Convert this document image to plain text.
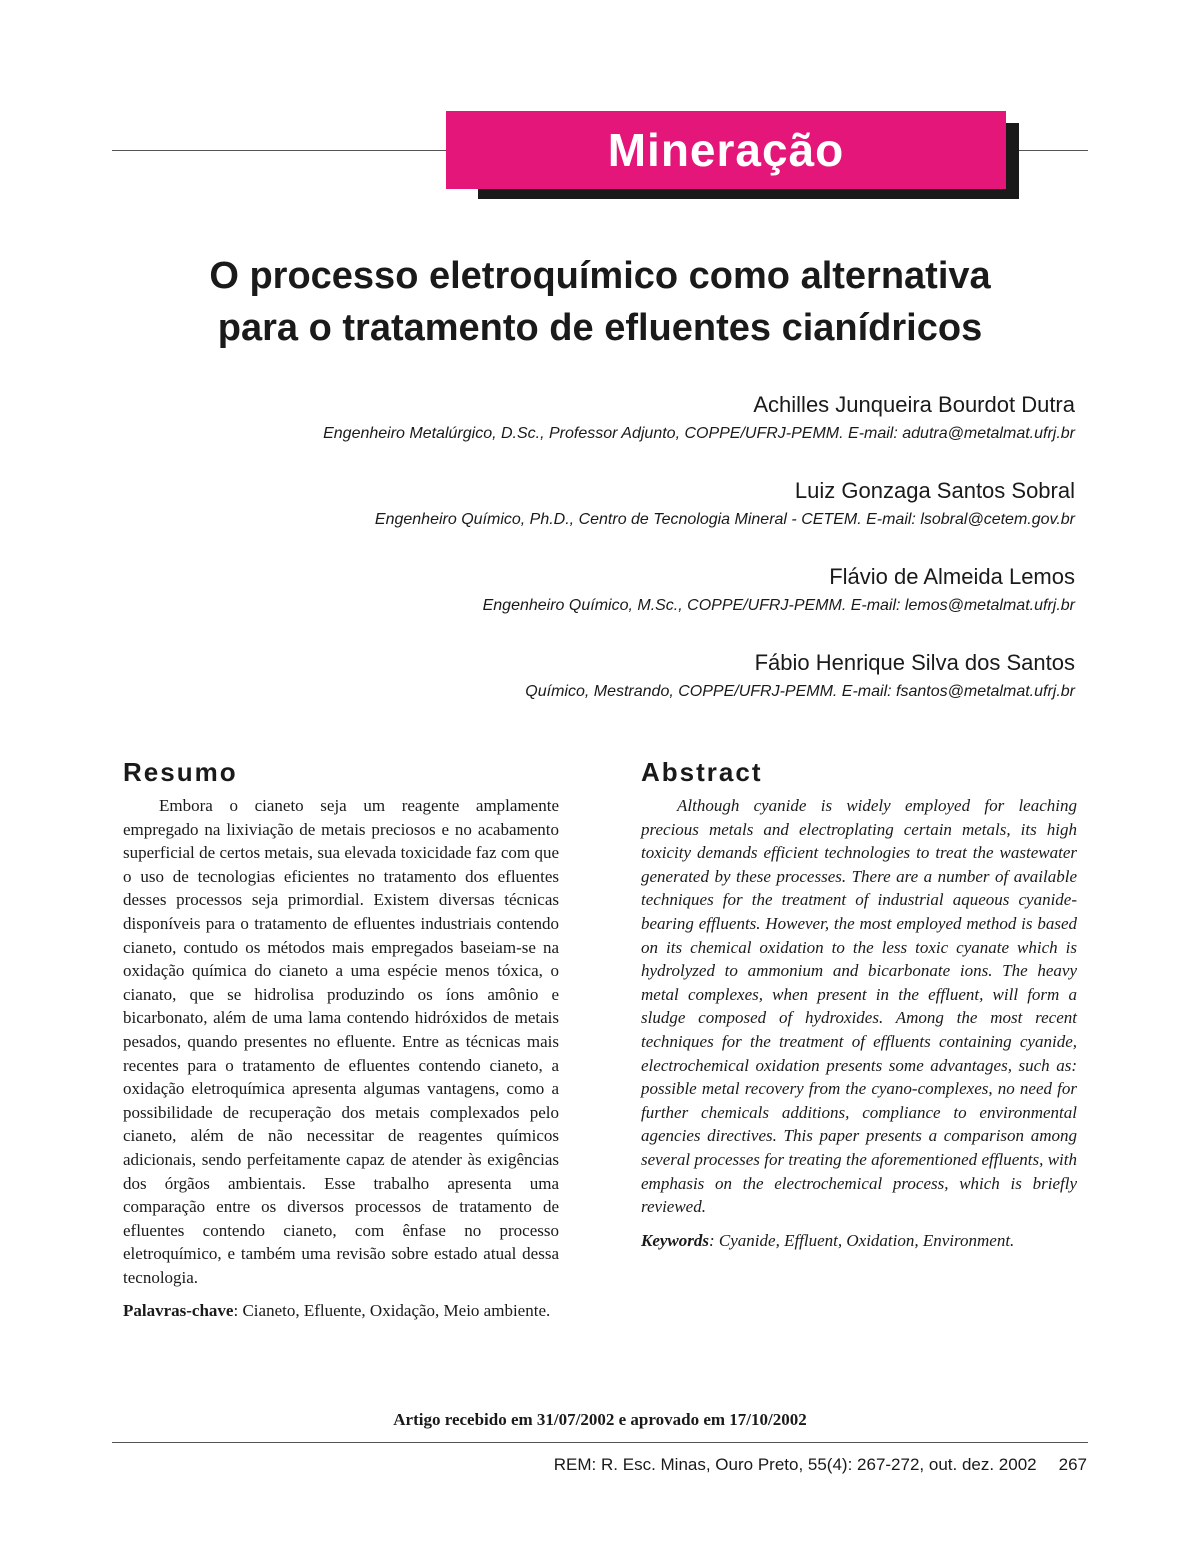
Mineração
O processo eletroquímico como alternativa
para o tratamento de efluentes cianídricos
Achilles Junqueira Bourdot Dutra
Engenheiro Metalúrgico, D.Sc., Professor Adjunto, COPPE/UFRJ-PEMM. E-mail: adutra@metalmat.ufrj.br
Luiz Gonzaga Santos Sobral
Engenheiro Químico, Ph.D., Centro de Tecnologia Mineral - CETEM. E-mail: lsobral@cetem.gov.br
Flávio de Almeida Lemos
Engenheiro Químico, M.Sc., COPPE/UFRJ-PEMM. E-mail: lemos@metalmat.ufrj.br
Fábio Henrique Silva dos Santos
Químico, Mestrando, COPPE/UFRJ-PEMM. E-mail: fsantos@metalmat.ufrj.br
Resumo

Embora o cianeto seja um reagente amplamente empregado na lixiviação de metais preciosos e no acabamento superficial de certos metais, sua elevada toxicidade faz com que o uso de tecnologias eficientes no tratamento dos efluentes desses processos seja primordial. Existem diversas técnicas disponíveis para o tratamento de efluentes industriais contendo cianeto, contudo os métodos mais empregados baseiam-se na oxidação química do cianeto a uma espécie menos tóxica, o cianato, que se hidrolisa produzindo os íons amônio e bicarbonato, além de uma lama contendo hidróxidos de metais pesados, quando presentes no efluente. Entre as técnicas mais recentes para o tratamento de efluentes contendo cianeto, a oxidação eletroquímica apresenta algumas vantagens, como a possibilidade de recuperação dos metais complexados pelo cianeto, além de não necessitar de reagentes químicos adicionais, sendo perfeitamente capaz de atender às exigências dos órgãos ambientais. Esse trabalho apresenta uma comparação entre os diversos processos de tratamento de efluentes contendo cianeto, com ênfase no processo eletroquímico, e também uma revisão sobre estado atual dessa tecnologia.

Palavras-chave: Cianeto, Efluente, Oxidação, Meio ambiente.

Abstract

Although cyanide is widely employed for leaching precious metals and electroplating certain metals, its high toxicity demands efficient technologies to treat the wastewater generated by these processes. There are a number of available techniques for the treatment of industrial aqueous cyanide-bearing effluents. However, the most employed method is based on its chemical oxidation to the less toxic cyanate which is hydrolyzed to ammonium and bicarbonate ions. The heavy metal complexes, when present in the effluent, will form a sludge composed of hydroxides. Among the most recent techniques for the treatment of effluents containing cyanide, electrochemical oxidation presents some advantages, such as: possible metal recovery from the cyano-complexes, no need for further chemicals additions, compliance to environmental agencies directives. This paper presents a comparison among several processes for treating the aforementioned effluents, with emphasis on the electrochemical process, which is briefly reviewed.

Keywords: Cyanide, Effluent, Oxidation, Environment.

Artigo recebido em 31/07/2002 e aprovado em 17/10/2002
REM: R. Esc. Minas, Ouro Preto, 55(4): 267-272, out. dez. 2002 267
